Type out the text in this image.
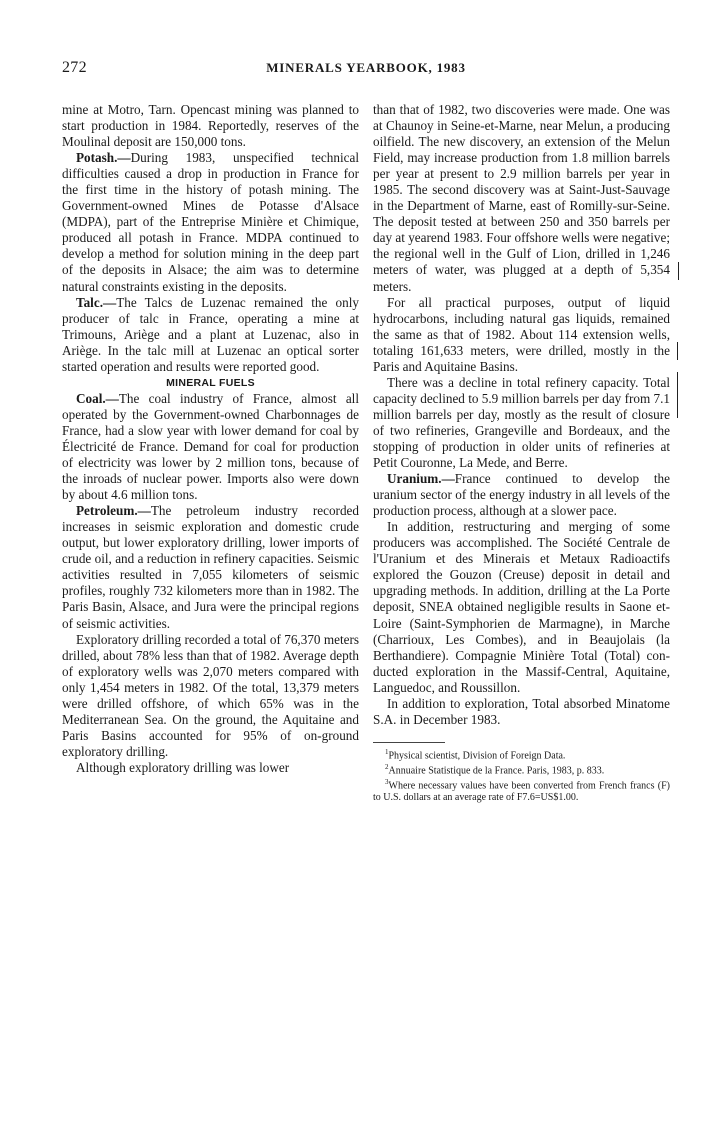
272	MINERALS YEARBOOK, 1983

mine at Motro, Tarn. Opencast mining was planned to start production in 1984. Reportedly, reserves of the Moulinal deposit are 150,000 tons.

Potash.—During 1983, unspecified technical difficulties caused a drop in production in France for the first time in the history of potash mining. The Government-owned Mines de Potasse d'Alsace (MDPA), part of the Entreprise Minière et Chimique, produced all potash in France. MDPA continued to develop a method for solution mining in the deep part of the deposits in Alsace; the aim was to determine natural constraints existing in the deposits.

Talc.—The Talcs de Luzenac remained the only producer of talc in France, operating a mine at Trimouns, Ariège and a plant at Luzenac, also in Ariège. In the talc mill at Luzenac an optical sorter started operation and results were reported good.

MINERAL FUELS

Coal.—The coal industry of France, almost all operated by the Government-owned Charbonnages de France, had a slow year with lower demand for coal by Électricité de France. Demand for coal for production of electricity was lower by 2 million tons, because of the inroads of nuclear power. Imports also were down by about 4.6 million tons.

Petroleum.—The petroleum industry recorded increases in seismic exploration and domestic crude output, but lower exploratory drilling, lower imports of crude oil, and a reduction in refinery capacities. Seismic activities resulted in 7,055 kilometers of seismic profiles, roughly 732 kilometers more than in 1982. The Paris Basin, Alsace, and Jura were the principal regions of seismic activities.

Exploratory drilling recorded a total of 76,370 meters drilled, about 78% less than that of 1982. Average depth of exploratory wells was 2,070 meters compared with only 1,454 meters in 1982. Of the total, 13,379 meters were drilled offshore, of which 65% was in the Mediterranean Sea. On the ground, the Aquitaine and Paris Basins accounted for 95% of on-ground exploratory drilling.

Although exploratory drilling was lower

than that of 1982, two discoveries were made. One was at Chaunoy in Seine-et-Marne, near Melun, a producing oilfield. The new discovery, an extension of the Melun Field, may increase production from 1.8 million barrels per year at present to 2.9 million barrels per year in 1985. The second discovery was at Saint-Just-Sauvage in the Department of Marne, east of Romilly-sur-Seine. The deposit tested at between 250 and 350 barrels per day at yearend 1983. Four offshore wells were negative; the regional well in the Gulf of Lion, drilled in 1,246 meters of water, was plugged at a depth of 5,354 meters.

For all practical purposes, output of liquid hydrocarbons, including natural gas liquids, remained the same as that of 1982. About 114 extension wells, totaling 161,633 meters, were drilled, mostly in the Paris and Aquitaine Basins.

There was a decline in total refinery capacity. Total capacity declined to 5.9 million barrels per day from 7.1 million barrels per day, mostly as the result of closure of two refineries, Grangeville and Bordeaux, and the stopping of production in older units of refineries at Petit Couronne, La Mede, and Berre.

Uranium.—France continued to develop the uranium sector of the energy industry in all levels of the production process, although at a slower pace.

In addition, restructuring and merging of some producers was accomplished. The Société Centrale de l'Uranium et des Minerais et Metaux Radioactifs explored the Gouzon (Creuse) deposit in detail and upgrading methods. In addition, drilling at the La Porte deposit, SNEA obtained negligible results in Saone et-Loire (Saint-Symphorien de Marmagne), in Marche (Charrioux, Les Combes), and in Beaujolais (la Berthandiere). Compagnie Minière Total (Total) conducted exploration in the Massif-Central, Aquitaine, Languedoc, and Roussillon.

In addition to exploration, Total absorbed Minatome S.A. in December 1983.

$^1$Physical scientist, Division of Foreign Data.

$^2$Annuaire Statistique de la France. Paris, 1983, p. 833.

$^3$Where necessary values have been converted from French francs (F) to U.S. dollars at an average rate of F7.6=US$1.00.
